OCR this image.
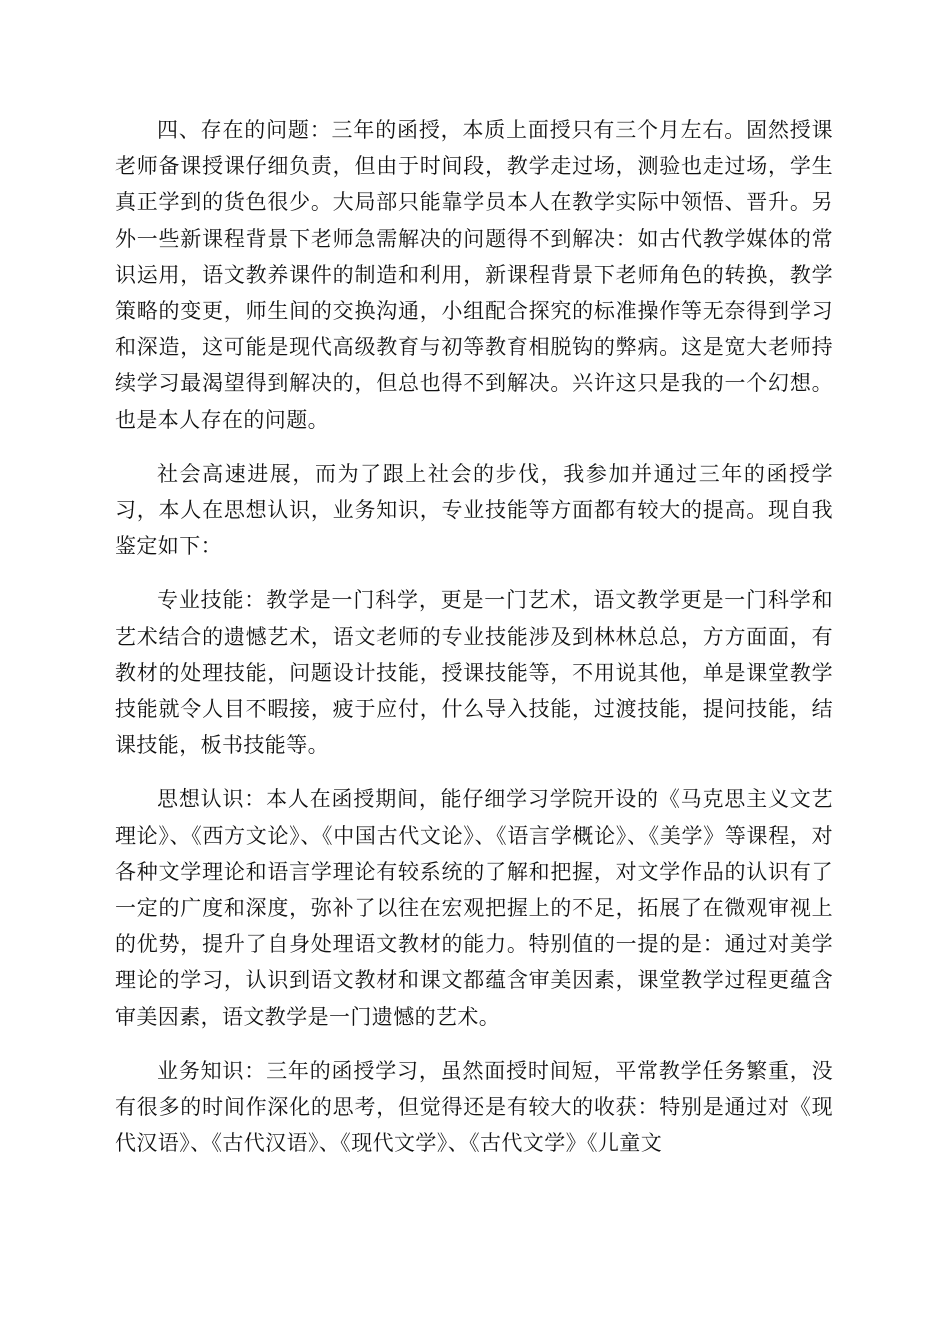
四、存在的问题：三年的函授，本质上面授只有三个月左右。固然授课老师备课授课仔细负责，但由于时间段，教学走过场，测验也走过场，学生真正学到的货色很少。大局部只能靠学员本人在教学实际中领悟、晋升。另外一些新课程背景下老师急需解决的问题得不到解决：如古代教学媒体的常识运用，语文教养课件的制造和利用，新课程背景下老师角色的转换，教学策略的变更，师生间的交换沟通，小组配合探究的标准操作等无奈得到学习和深造，这可能是现代高级教育与初等教育相脱钩的弊病。这是宽大老师持续学习最渴望得到解决的，但总也得不到解决。兴许这只是我的一个幻想。也是本人存在的问题。

社会高速进展，而为了跟上社会的步伐，我参加并通过三年的函授学习，本人在思想认识，业务知识，专业技能等方面都有较大的提高。现自我鉴定如下：

专业技能：教学是一门科学，更是一门艺术，语文教学更是一门科学和艺术结合的遗憾艺术，语文老师的专业技能涉及到林林总总，方方面面，有教材的处理技能，问题设计技能，授课技能等，不用说其他，单是课堂教学技能就令人目不暇接，疲于应付，什么导入技能，过渡技能，提问技能，结课技能，板书技能等。

思想认识：本人在函授期间，能仔细学习学院开设的《马克思主义文艺理论》、《西方文论》、《中国古代文论》、《语言学概论》、《美学》等课程，对各种文学理论和语言学理论有较系统的了解和把握，对文学作品的认识有了一定的广度和深度，弥补了以往在宏观把握上的不足，拓展了在微观审视上的优势，提升了自身处理语文教材的能力。特别值的一提的是：通过对美学理论的学习，认识到语文教材和课文都蕴含审美因素，课堂教学过程更蕴含审美因素，语文教学是一门遗憾的艺术。

业务知识：三年的函授学习，虽然面授时间短，平常教学任务繁重，没有很多的时间作深化的思考，但觉得还是有较大的收获：特别是通过对《现代汉语》、《古代汉语》、《现代文学》、《古代文学》《儿童文
